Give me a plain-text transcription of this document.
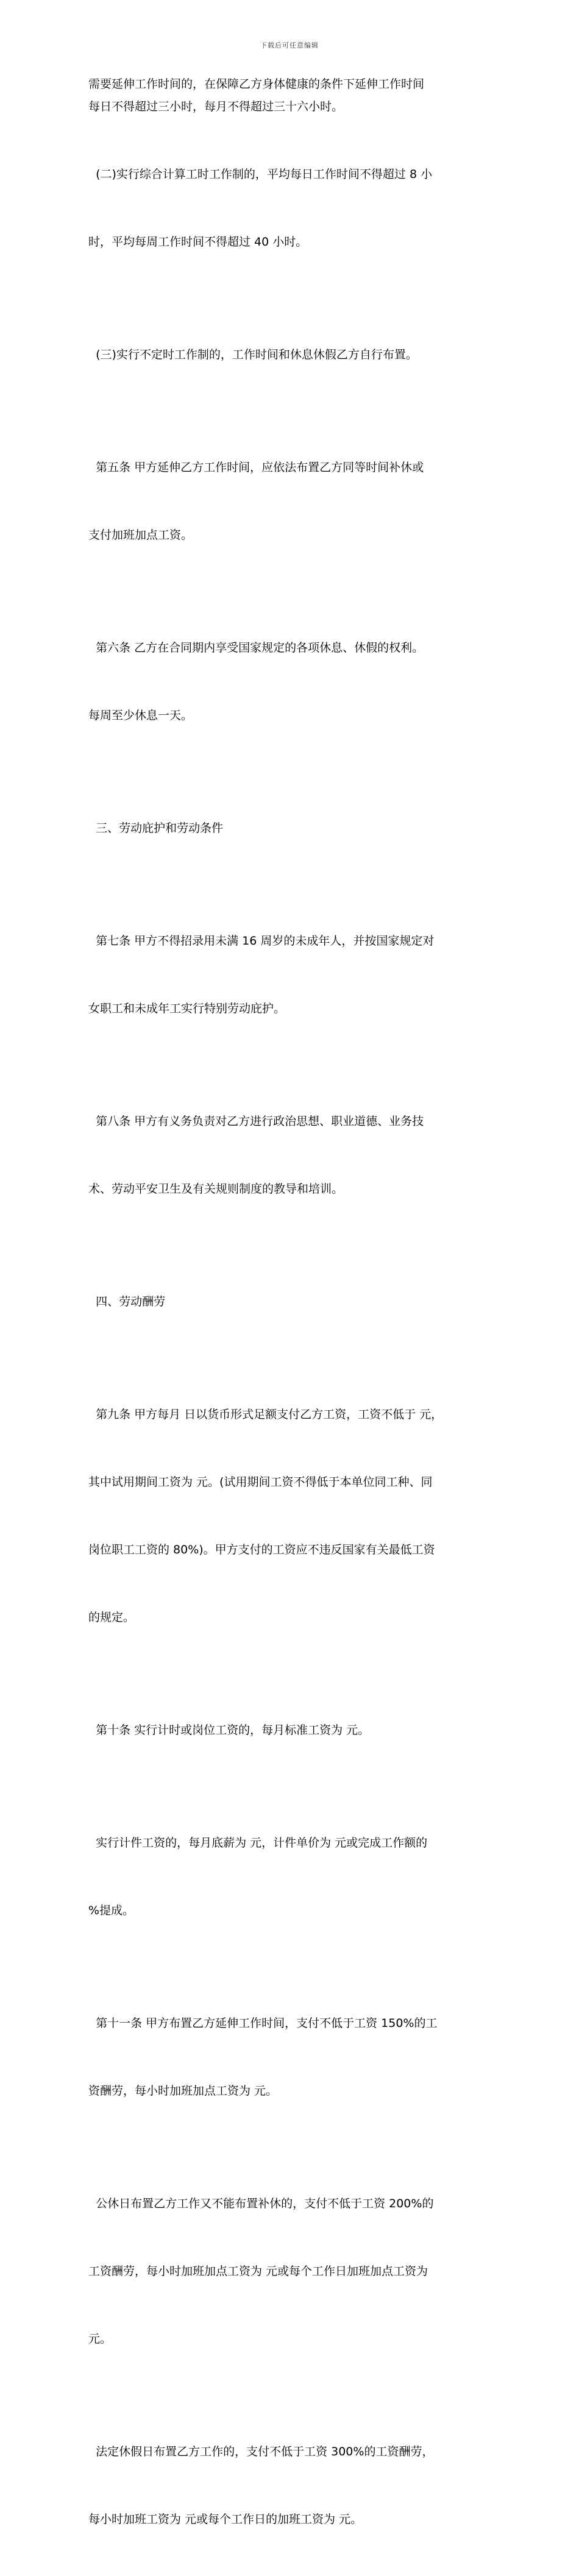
下载后可任意编辑

需要延伸工作时间的，在保障乙方身体健康的条件下延伸工作时间
每日不得超过三小时，每月不得超过三十六小时。

(二)实行综合计算工时工作制的，平均每日工作时间不得超过 8 小

时，平均每周工作时间不得超过 40 小时。

(三)实行不定时工作制的，工作时间和休息休假乙方自行布置。

第五条 甲方延伸乙方工作时间，应依法布置乙方同等时间补休或

支付加班加点工资。

第六条 乙方在合同期内享受国家规定的各项休息、休假的权利。

每周至少休息一天。

三、劳动庇护和劳动条件

第七条 甲方不得招录用未满 16 周岁的未成年人，并按国家规定对

女职工和未成年工实行特别劳动庇护。

第八条 甲方有义务负责对乙方进行政治思想、职业道德、业务技

术、劳动平安卫生及有关规则制度的教导和培训。

四、劳动酬劳

第九条 甲方每月 日以货币形式足额支付乙方工资，工资不低于 元，

其中试用期间工资为 元。(试用期间工资不得低于本单位同工种、同

岗位职工工资的 80%)。甲方支付的工资应不违反国家有关最低工资

的规定。

第十条 实行计时或岗位工资的，每月标准工资为 元。

实行计件工资的，每月底薪为 元，计件单价为 元或完成工作额的

%提成。

第十一条 甲方布置乙方延伸工作时间，支付不低于工资 150%的工

资酬劳，每小时加班加点工资为 元。

公休日布置乙方工作又不能布置补休的，支付不低于工资 200%的

工资酬劳，每小时加班加点工资为 元或每个工作日加班加点工资为

元。

法定休假日布置乙方工作的，支付不低于工资 300%的工资酬劳，

每小时加班工资为 元或每个工作日的加班工资为 元。
